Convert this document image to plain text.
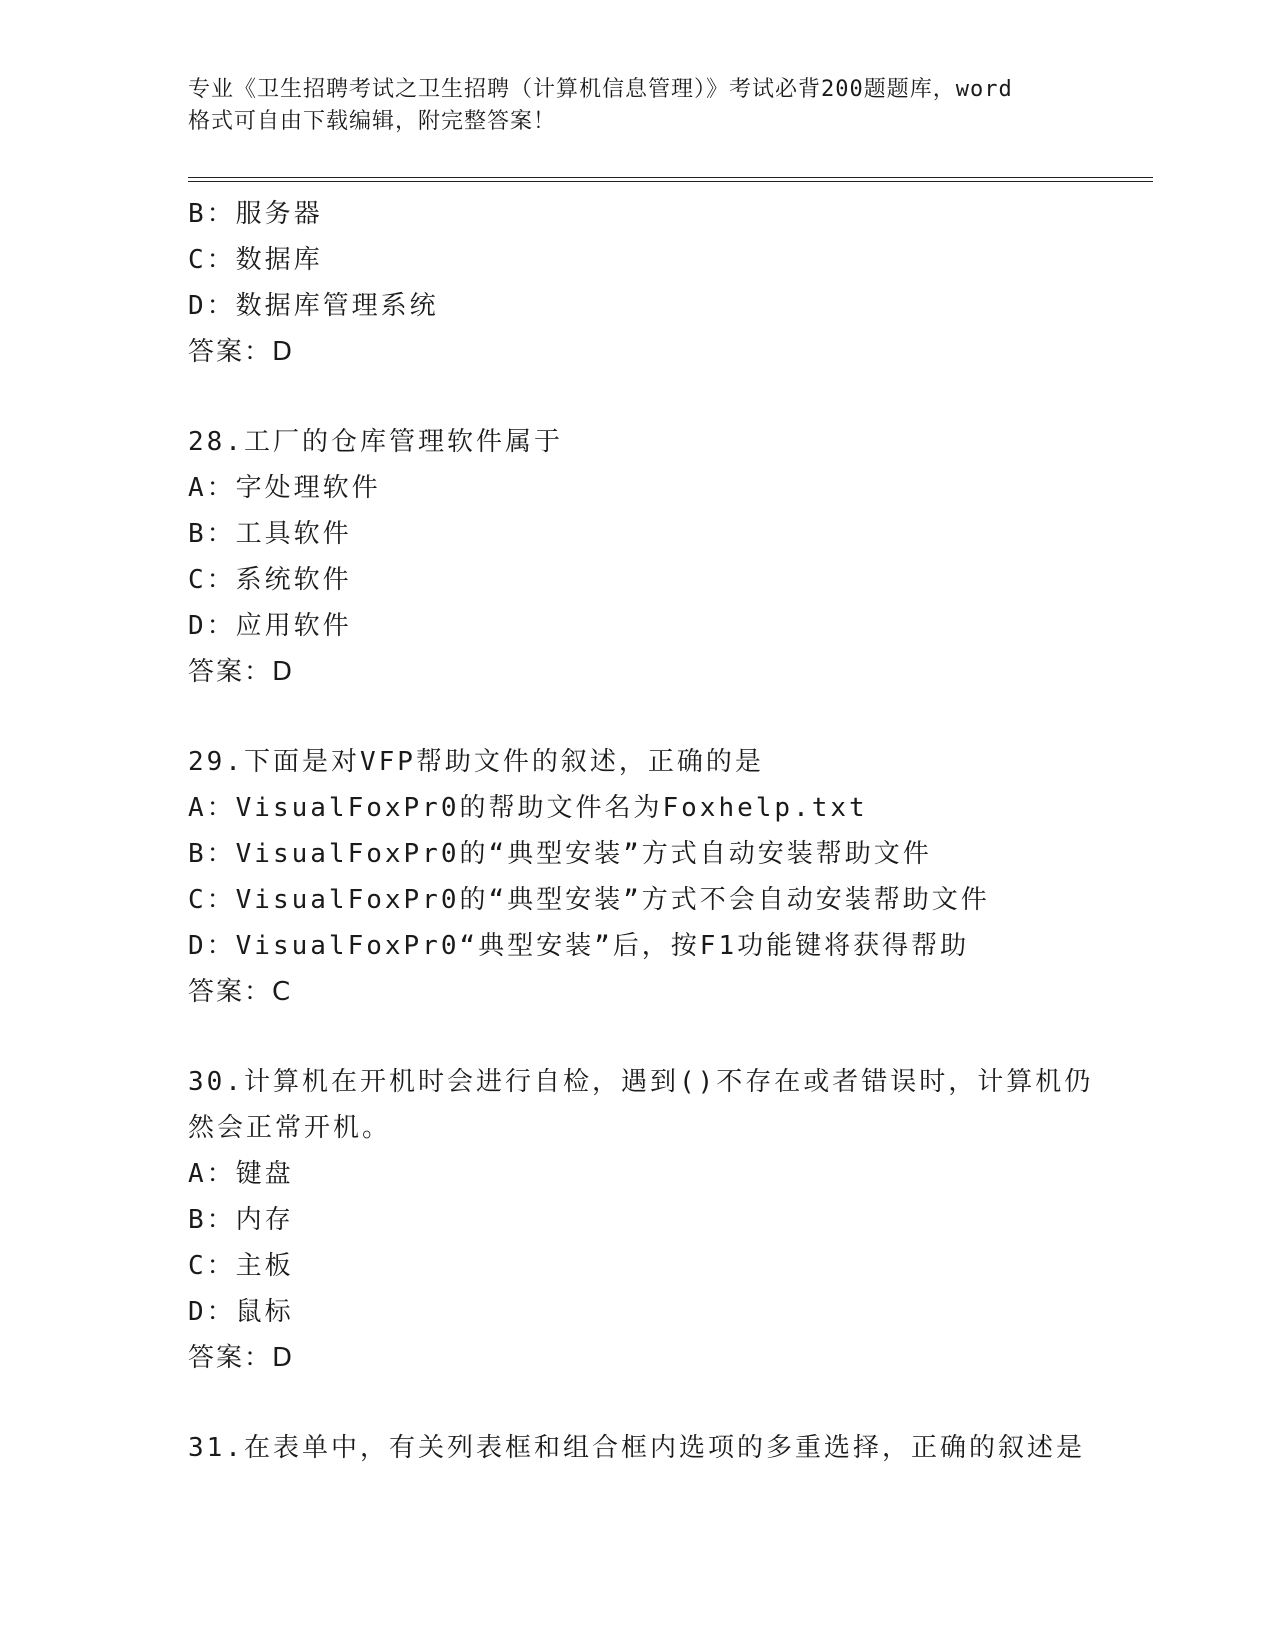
专业《卫生招聘考试之卫生招聘（计算机信息管理）》考试必背200题题库，word
格式可自由下载编辑，附完整答案！
B：服务器
C：数据库
D：数据库管理系统
答案：D
28.工厂的仓库管理软件属于
A：字处理软件
B：工具软件
C：系统软件
D：应用软件
答案：D
29.下面是对VFP帮助文件的叙述，正确的是
A：VisualFoxPr0的帮助文件名为Foxhelp.txt
B：VisualFoxPr0的“典型安装”方式自动安装帮助文件
C：VisualFoxPr0的“典型安装”方式不会自动安装帮助文件
D：VisualFoxPr0“典型安装”后，按F1功能键将获得帮助
答案：C
30.计算机在开机时会进行自检，遇到()不存在或者错误时，计算机仍
然会正常开机。
A：键盘
B：内存
C：主板
D：鼠标
答案：D
31.在表单中，有关列表框和组合框内选项的多重选择，正确的叙述是
